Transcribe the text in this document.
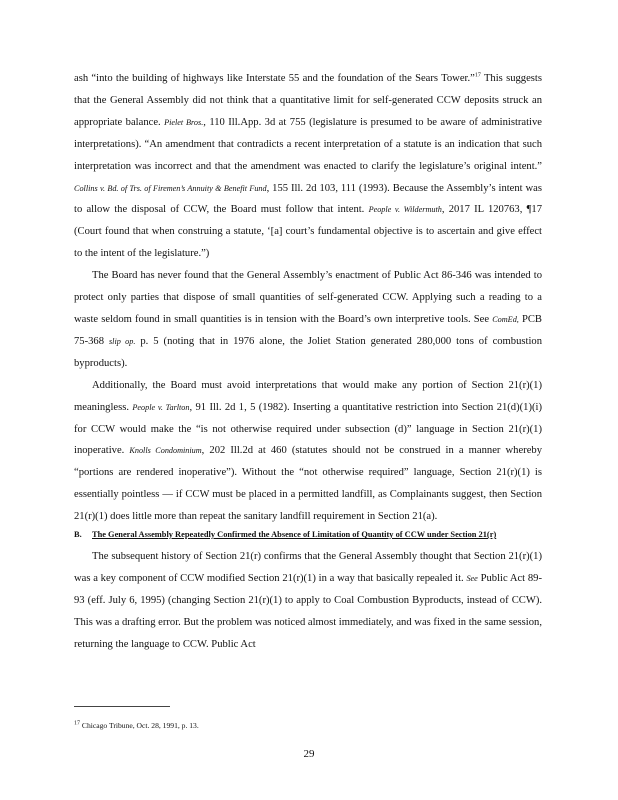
ash “into the building of highways like Interstate 55 and the foundation of the Sears Tower.”$^{17}$ This suggests that the General Assembly did not think that a quantitative limit for self-generated CCW deposits struck an appropriate balance. Pielet Bros., 110 Ill.App. 3d at 755 (legislature is presumed to be aware of administrative interpretations). “An amendment that contradicts a recent interpretation of a statute is an indication that such interpretation was incorrect and that the amendment was enacted to clarify the legislature’s original intent.” Collins v. Bd. of Trs. of Firemen’s Annuity & Benefit Fund, 155 Ill. 2d 103, 111 (1993). Because the Assembly’s intent was to allow the disposal of CCW, the Board must follow that intent. People v. Wildermuth, 2017 IL 120763, ¶17 (Court found that when construing a statute, ‘[a] court’s fundamental objective is to ascertain and give effect to the intent of the legislature.”)

The Board has never found that the General Assembly’s enactment of Public Act 86-346 was intended to protect only parties that dispose of small quantities of self-generated CCW. Applying such a reading to a waste seldom found in small quantities is in tension with the Board’s own interpretive tools. See ComEd, PCB 75-368 slip op. p. 5 (noting that in 1976 alone, the Joliet Station generated 280,000 tons of combustion byproducts).

Additionally, the Board must avoid interpretations that would make any portion of Section 21(r)(1) meaningless. People v. Tarlton, 91 Ill. 2d 1, 5 (1982). Inserting a quantitative restriction into Section 21(d)(1)(i) for CCW would make the “is not otherwise required under subsection (d)” language in Section 21(r)(1) inoperative. Knolls Condominium, 202 Ill.2d at 460 (statutes should not be construed in a manner whereby “portions are rendered inoperative”). Without the “not otherwise required” language, Section 21(r)(1) is essentially pointless — if CCW must be placed in a permitted landfill, as Complainants suggest, then Section 21(r)(1) does little more than repeat the sanitary landfill requirement in Section 21(a).

B.	The General Assembly Repeatedly Confirmed the Absence of Limitation of Quantity of CCW under Section 21(r)

The subsequent history of Section 21(r) confirms that the General Assembly thought that Section 21(r)(1) was a key component of CCW modified Section 21(r)(1) in a way that basically repealed it. See Public Act 89-93 (eff. July 6, 1995) (changing Section 21(r)(1) to apply to Coal Combustion Byproducts, instead of CCW). This was a drafting error. But the problem was noticed almost immediately, and was fixed in the same session, returning the language to CCW. Public Act

$^{17}$ Chicago Tribune, Oct. 28, 1991, p. 13.
29
